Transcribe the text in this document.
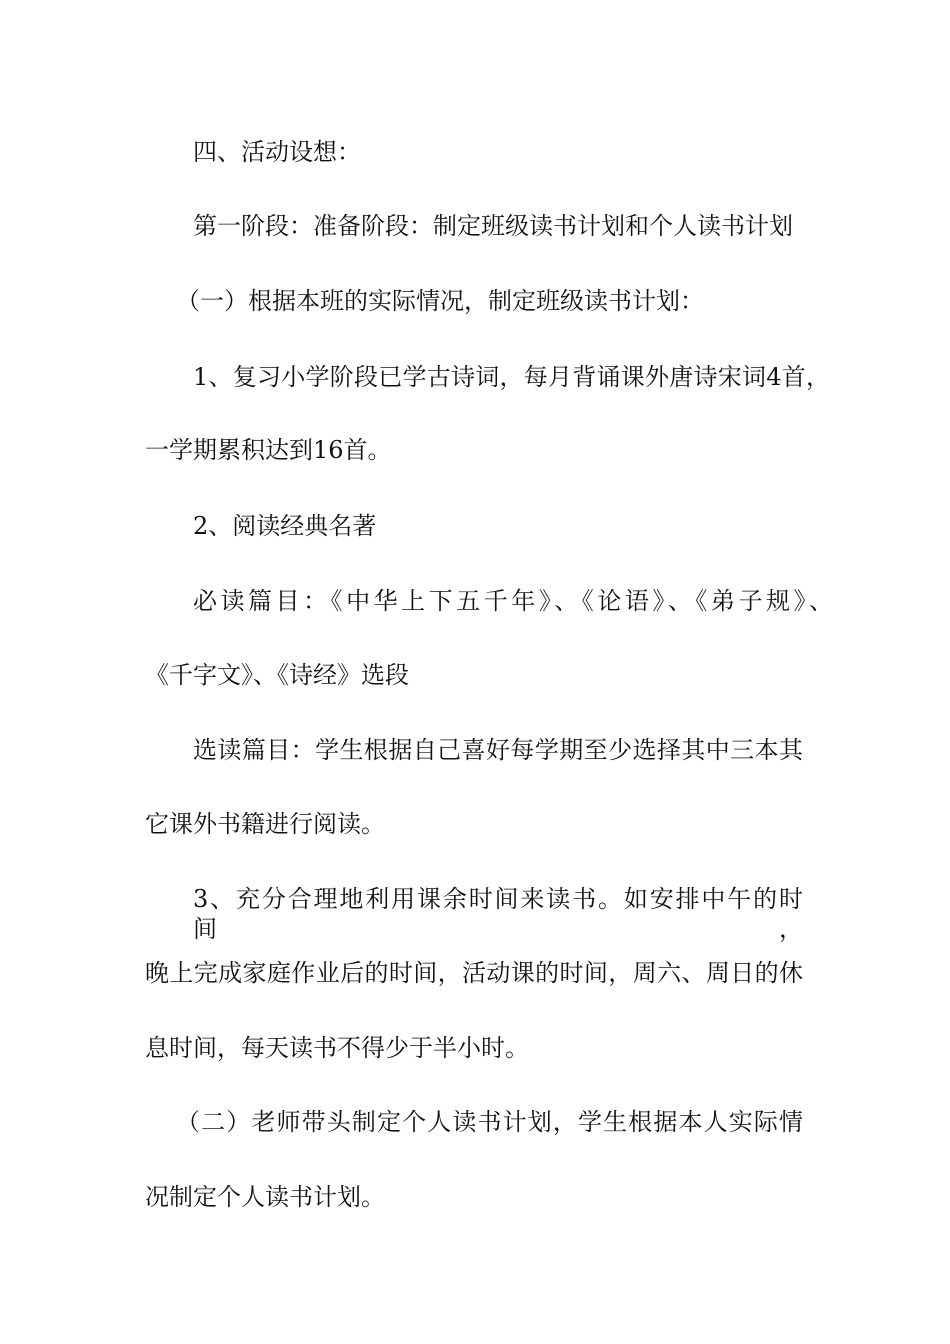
四、活动设想：

第一阶段：准备阶段：制定班级读书计划和个人读书计划

（一）根据本班的实际情况，制定班级读书计划：

1、复习小学阶段已学古诗词，每月背诵课外唐诗宋词4首，

一学期累积达到16首。

2、阅读经典名著

必读篇目：《中华上下五千年》、《论语》、《弟子规》、

《千字文》、《诗经》选段

选读篇目：学生根据自己喜好每学期至少选择其中三本其

它课外书籍进行阅读。

3、充分合理地利用课余时间来读书。如安排中午的时间，

晚上完成家庭作业后的时间，活动课的时间，周六、周日的休

息时间，每天读书不得少于半小时。

（二）老师带头制定个人读书计划，学生根据本人实际情

况制定个人读书计划。
